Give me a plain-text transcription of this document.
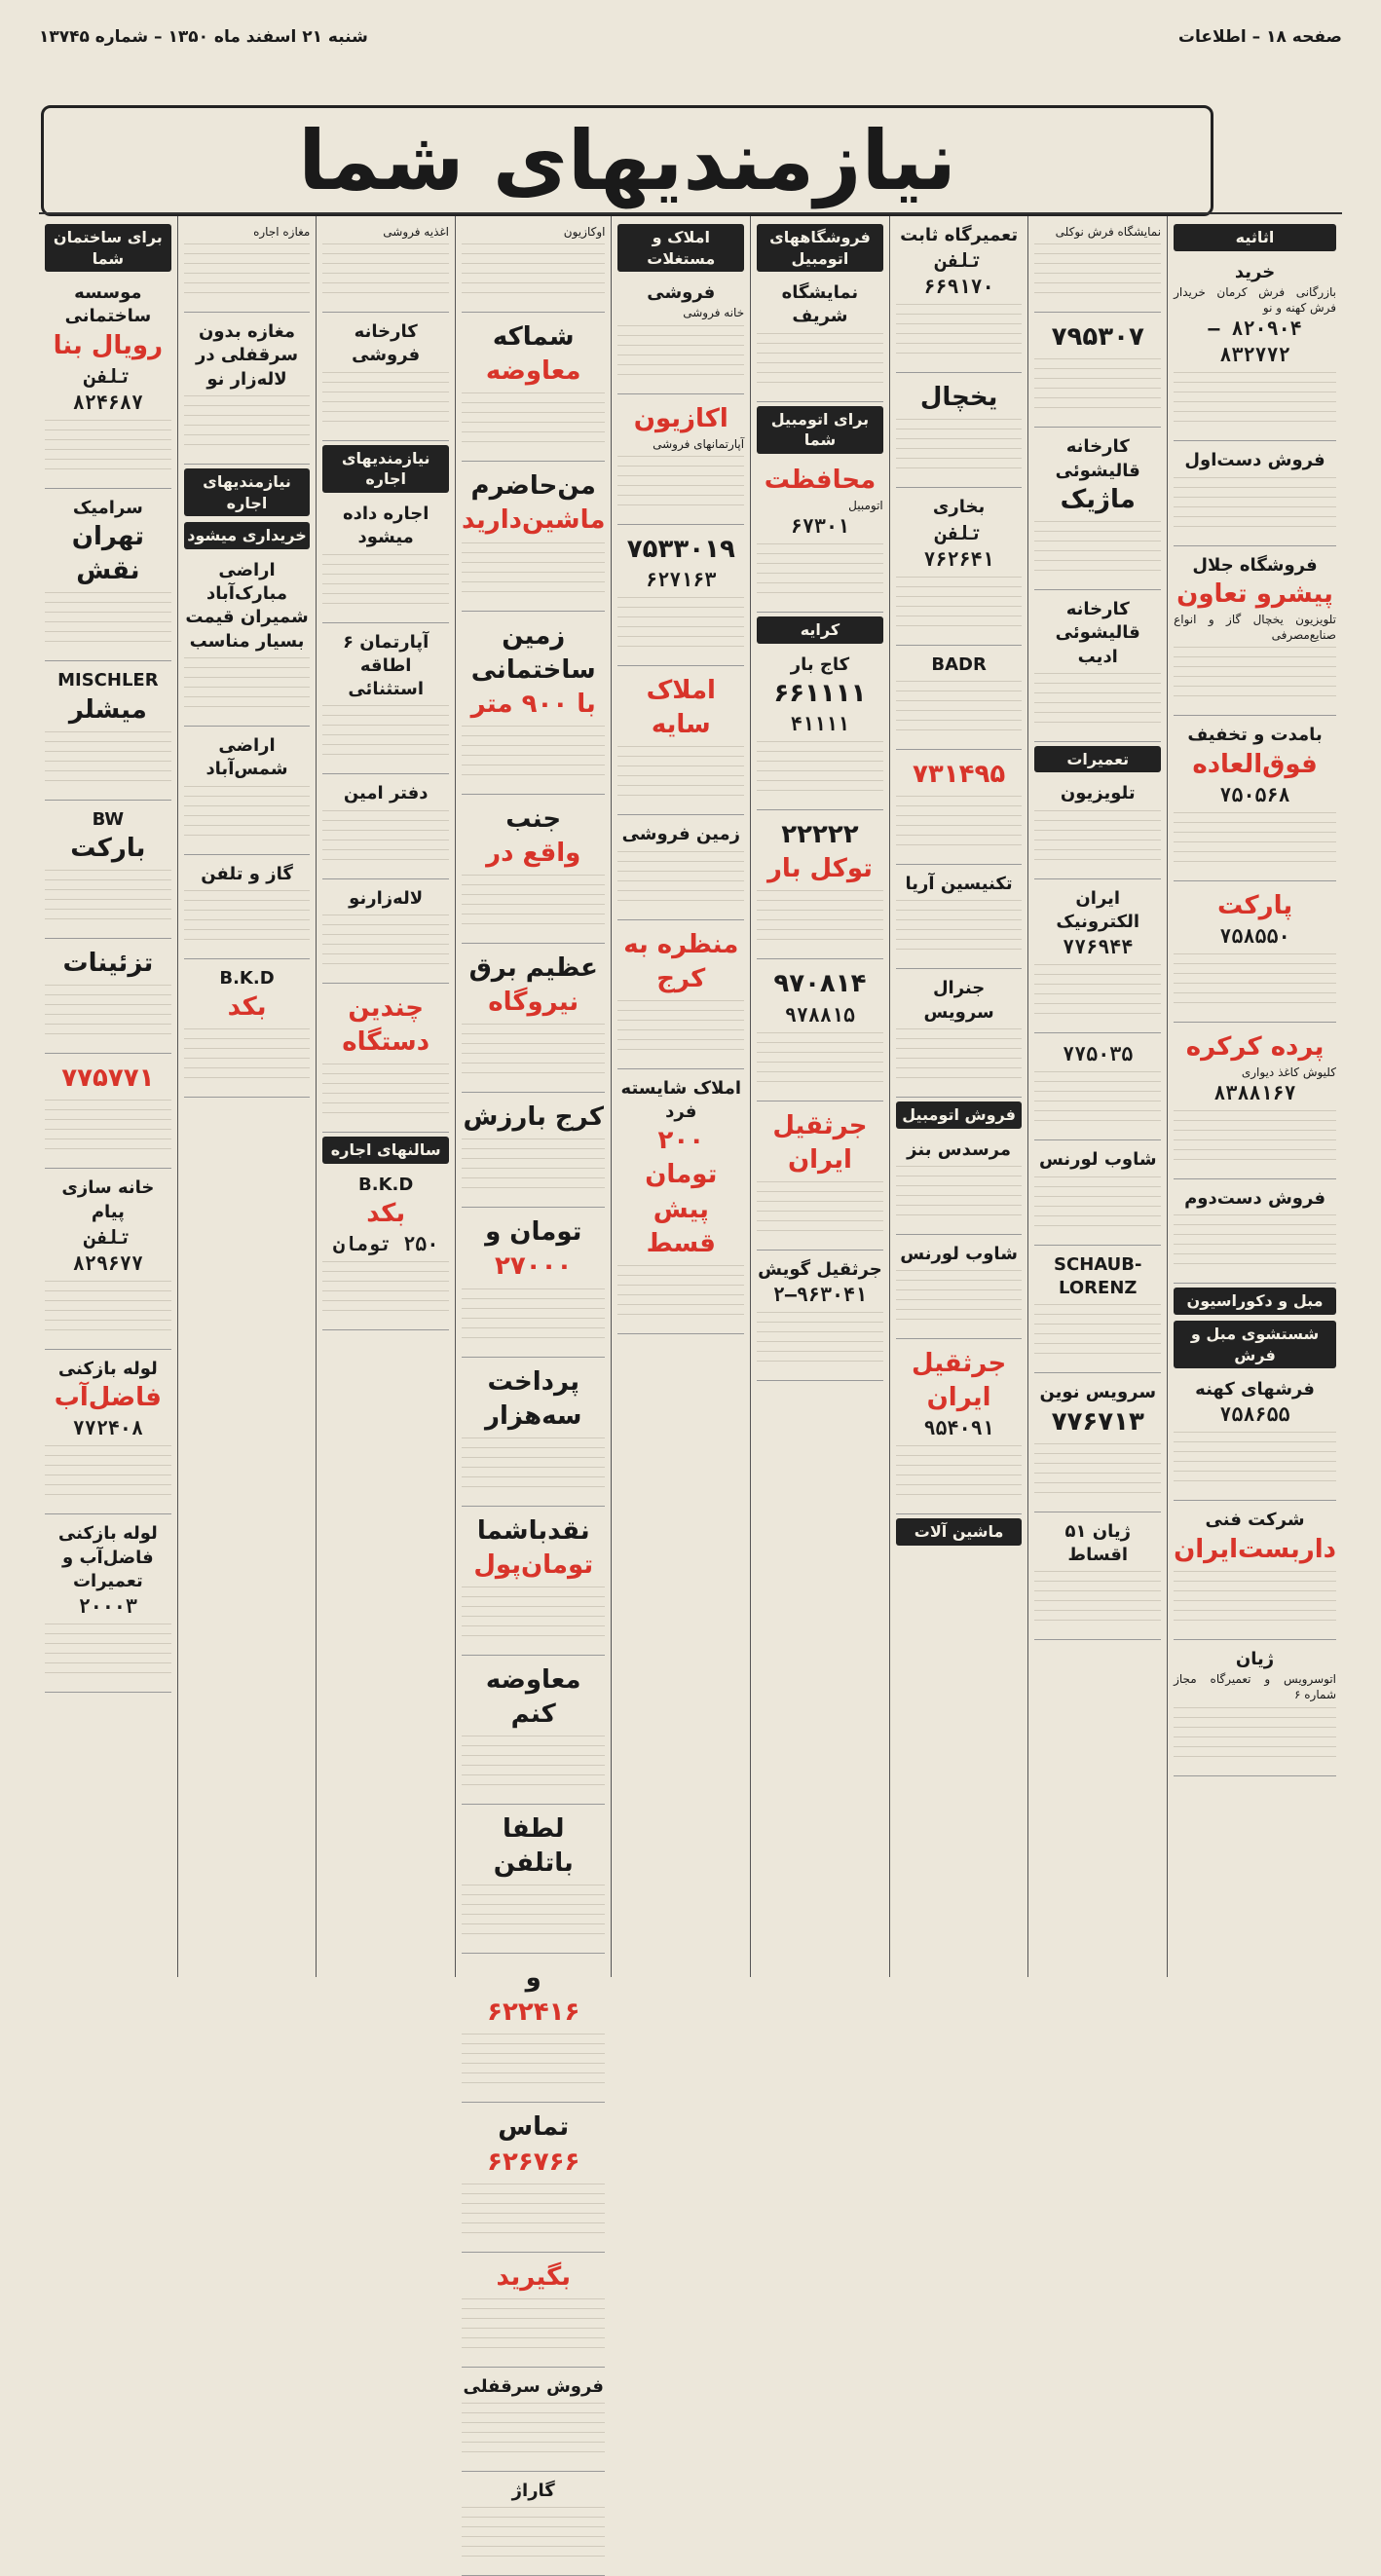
صفحه ۱۸ – اطلاعات
شنبه ۲۱ اسفند ماه ۱۳۵۰ – شماره ۱۳۷۴۵
نیازمندیهای شما
اثاثیه
خرید
بازرگانی فرش کرمان خریدار فرش کهنه و نو
۸۲۰۹۰۴ – ۸۳۲۷۷۲
فروش دست‌اول
فروشگاه جلال
پیشرو تعاون
تلویزیون یخچال گاز و انواع صنایع‌مصرفی
بامدت و تخفیف
فوق‌العاده
۷۵۰۵۶۸
پارکت
۷۵۸۵۵۰
پرده کرکره
کلیوش کاغذ دیواری
۸۳۸۸۱۶۷
فروش دست‌دوم
مبل و دکوراسیون
شستشوی مبل و فرش
فرشهای کهنه
۷۵۸۶۵۵
شرکت فنی
داربست‌ایران
ژیان
اتوسرویس و تعمیرگاه مجاز شماره ۶
نمایشگاه فرش نوکلی
۷۹۵۳۰۷
کارخانه قالیشوئی
ماژیک
کارخانه قالیشوئی ادیب
تعمیرات
تلویزیون
ایران الکترونیک
۷۷۶۹۴۴
۷۷۵۰۳۵
شاوب لورنس
SCHAUB-LORENZ
سرویس نوین
۷۷۶۷۱۳
ژیان ۵۱ اقساط
تعمیرگاه ثابت
تلفن ۶۶۹۱۷۰
یخچال
بخاری
تلفن ۷۶۲۶۴۱
BADR
۷۳۱۴۹۵
تکنیسین آریا
جنرال سرویس
فروش اتومبیل
مرسدس بنز
شاوب لورنس
جرثقیل ایران
۹۵۴۰۹۱
ماشین آلات
فروشگاههای اتومبیل
نمایشگاه شریف
برای اتومبیل شما
محافظت
اتومبیل
۶۷۳۰۱
کرایه
کاج بار
۶۶۱۱۱۱
۴۱۱۱۱
۲۲۲۲۲
توکل بار
۹۷۰۸۱۴
۹۷۸۸۱۵
جرثقیل ایران
جرثقیل گویش
۹۶۳۰۴۱–۲
املاک و مستغلات
فروشی
خانه فروشی
اکازیون
آپارتمانهای فروشی
۷۵۳۳۰۱۹
۶۲۷۱۶۳
املاک سایه
زمین فروشی
منظره به کرج
املاک شایسته فرد
۲۰۰ تومان پیش قسط
اوکازیون
شماکه
معاوضه
من‌حاضرم
ماشین‌دارید
زمین ساختمانی
با ۹۰۰ متر
جنب
واقع در
عظیم برق
نیروگاه
کرج بارزش
تومان و
۲۷۰۰۰
پرداخت سه‌هزار
نقدباشما
تومان‌پول
معاوضه کنم
لطفا باتلفن
و
۶۲۲۴۱۶
تماس
۶۲۶۷۶۶
بگیرید
فروش سرقفلی
گاراژ
اغذیه فروشی
کارخانه فروشی
نیازمندیهای اجاره
اجاره داده میشود
آپارتمان ۶ اطاقه استثنائی
دفتر امین
لاله‌زارنو
چندین دستگاه
سالنهای اجاره
B.K.D
بکد
۲۵۰ تومان
مغازه اجاره
مغازه بدون سرقفلی در لاله‌زار نو
نیازمندیهای اجاره
خریداری میشود
اراضی مبارک‌آباد شمیران قیمت بسیار مناسب
اراضی شمس‌آباد
گاز و تلفن
B.K.D
بکد
برای ساختمان شما
موسسه ساختمانی
رویال بنا
تلفن ۸۲۴۶۸۷
سرامیک
تهران نقش
MISCHLER
میشلر
BW
بارکت
تزئینات
۷۷۵۷۷۱
خانه سازی پیام
تلفن ۸۲۹۶۷۷
لوله بازکنی
فاضل‌آب
۷۷۲۴۰۸
لوله بازکنی فاضل‌آب و تعمیرات
۲۰۰۰۳
